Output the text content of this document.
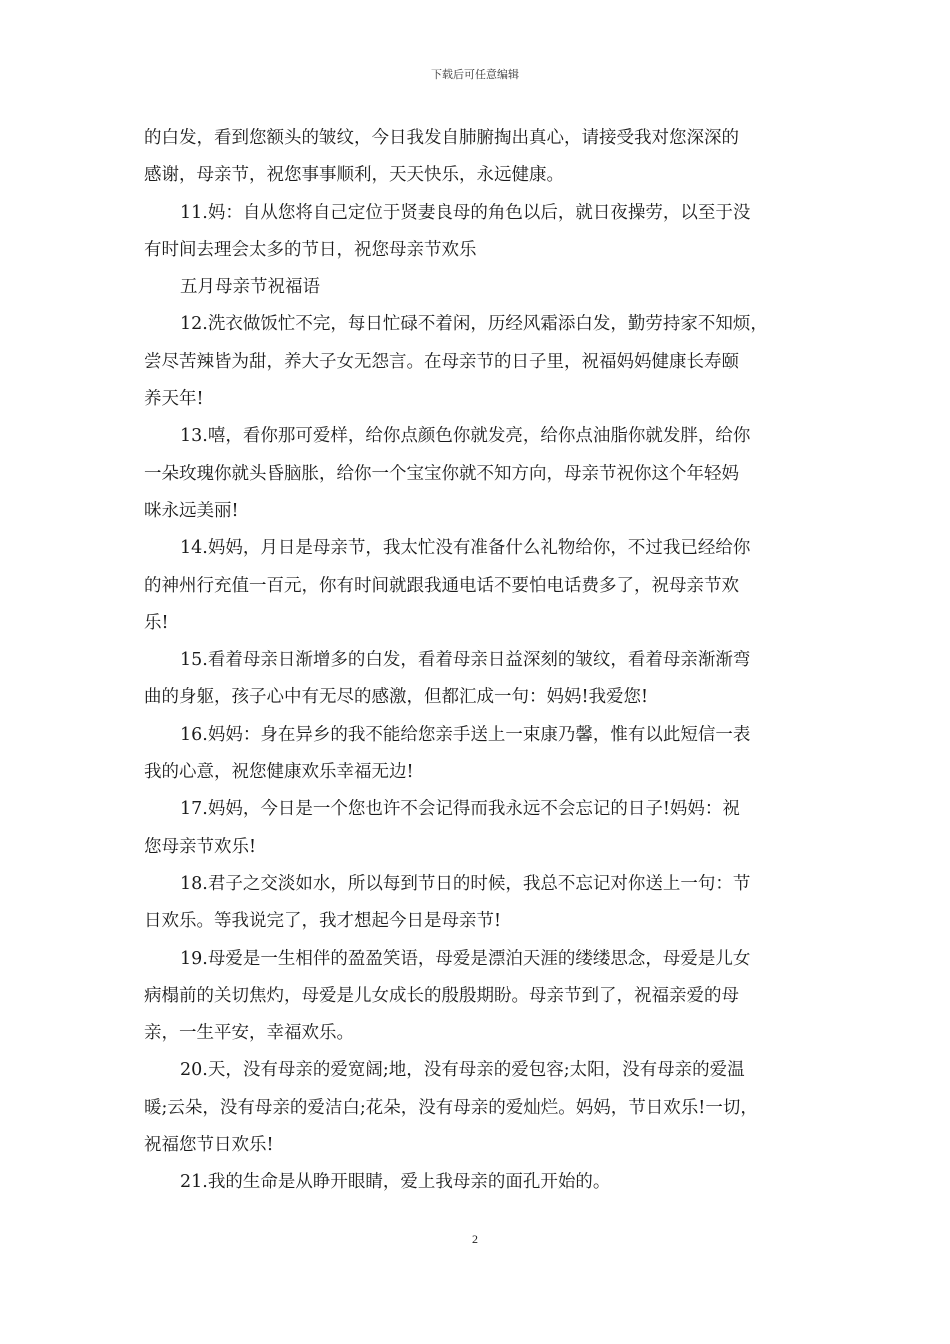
下载后可任意编辑
的白发，看到您额头的皱纹，今日我发自肺腑掏出真心，请接受我对您深深的
感谢，母亲节，祝您事事顺利，天天快乐，永远健康。
11.妈：自从您将自己定位于贤妻良母的角色以后，就日夜操劳，以至于没
有时间去理会太多的节日，祝您母亲节欢乐
五月母亲节祝福语
12.洗衣做饭忙不完，每日忙碌不着闲，历经风霜添白发，勤劳持家不知烦，
尝尽苦辣皆为甜，养大子女无怨言。在母亲节的日子里，祝福妈妈健康长寿颐
养天年!
13.嘻，看你那可爱样，给你点颜色你就发亮，给你点油脂你就发胖，给你
一朵玫瑰你就头昏脑胀，给你一个宝宝你就不知方向，母亲节祝你这个年轻妈
咪永远美丽!
14.妈妈，月日是母亲节，我太忙没有准备什么礼物给你，不过我已经给你
的神州行充值一百元，你有时间就跟我通电话不要怕电话费多了，祝母亲节欢
乐!
15.看着母亲日渐增多的白发，看着母亲日益深刻的皱纹，看着母亲渐渐弯
曲的身躯，孩子心中有无尽的感激，但都汇成一句：妈妈!我爱您!
16.妈妈：身在异乡的我不能给您亲手送上一束康乃馨，惟有以此短信一表
我的心意，祝您健康欢乐幸福无边!
17.妈妈，今日是一个您也许不会记得而我永远不会忘记的日子!妈妈：祝
您母亲节欢乐!
18.君子之交淡如水，所以每到节日的时候，我总不忘记对你送上一句：节
日欢乐。等我说完了，我才想起今日是母亲节!
19.母爱是一生相伴的盈盈笑语，母爱是漂泊天涯的缕缕思念，母爱是儿女
病榻前的关切焦灼，母爱是儿女成长的殷殷期盼。母亲节到了，祝福亲爱的母
亲，一生平安，幸福欢乐。
20.天，没有母亲的爱宽阔;地，没有母亲的爱包容;太阳，没有母亲的爱温
暖;云朵，没有母亲的爱洁白;花朵，没有母亲的爱灿烂。妈妈，节日欢乐!一切，
祝福您节日欢乐!
21.我的生命是从睁开眼睛，爱上我母亲的面孔开始的。
2
